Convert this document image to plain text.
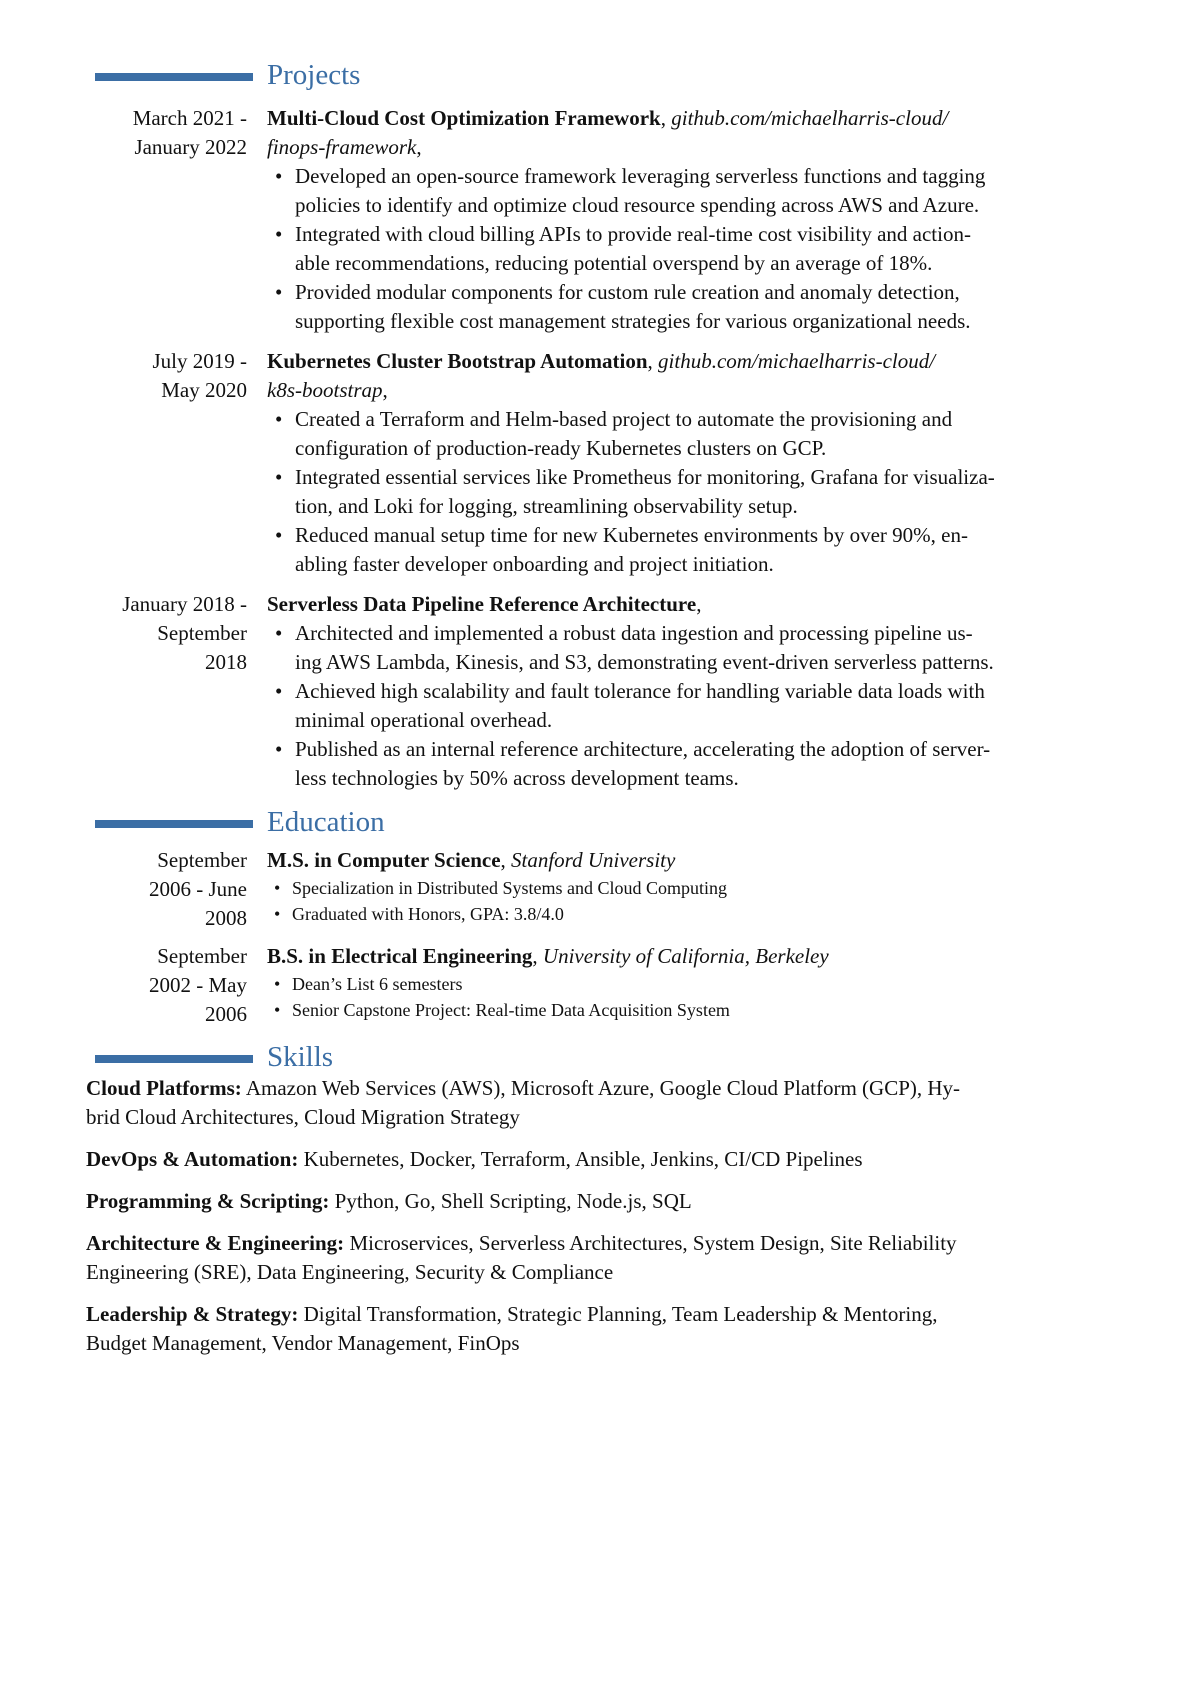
Projects
March 2021 -
January 2022
Multi-Cloud Cost Optimization Framework, github.com/michaelharris-cloud/
finops-framework,
• Developed an open-source framework leveraging serverless functions and tagging
policies to identify and optimize cloud resource spending across AWS and Azure.
• Integrated with cloud billing APIs to provide real-time cost visibility and action-
able recommendations, reducing potential overspend by an average of 18%.
• Provided modular components for custom rule creation and anomaly detection,
supporting flexible cost management strategies for various organizational needs.
July 2019 -
May 2020
Kubernetes Cluster Bootstrap Automation, github.com/michaelharris-cloud/
k8s-bootstrap,
• Created a Terraform and Helm-based project to automate the provisioning and
configuration of production-ready Kubernetes clusters on GCP.
• Integrated essential services like Prometheus for monitoring, Grafana for visualiza-
tion, and Loki for logging, streamlining observability setup.
• Reduced manual setup time for new Kubernetes environments by over 90%, en-
abling faster developer onboarding and project initiation.
January 2018 -
September
2018
Serverless Data Pipeline Reference Architecture,
• Architected and implemented a robust data ingestion and processing pipeline us-
ing AWS Lambda, Kinesis, and S3, demonstrating event-driven serverless patterns.
• Achieved high scalability and fault tolerance for handling variable data loads with
minimal operational overhead.
• Published as an internal reference architecture, accelerating the adoption of server-
less technologies by 50% across development teams.
Education
September
2006 - June
2008
M.S. in Computer Science, Stanford University
• Specialization in Distributed Systems and Cloud Computing
• Graduated with Honors, GPA: 3.8/4.0
September
2002 - May
2006
B.S. in Electrical Engineering, University of California, Berkeley
• Dean’s List 6 semesters
• Senior Capstone Project: Real-time Data Acquisition System
Skills
Cloud Platforms: Amazon Web Services (AWS), Microsoft Azure, Google Cloud Platform (GCP), Hy-
brid Cloud Architectures, Cloud Migration Strategy
DevOps & Automation: Kubernetes, Docker, Terraform, Ansible, Jenkins, CI/CD Pipelines
Programming & Scripting: Python, Go, Shell Scripting, Node.js, SQL
Architecture & Engineering: Microservices, Serverless Architectures, System Design, Site Reliability
Engineering (SRE), Data Engineering, Security & Compliance
Leadership & Strategy: Digital Transformation, Strategic Planning, Team Leadership & Mentoring,
Budget Management, Vendor Management, FinOps
